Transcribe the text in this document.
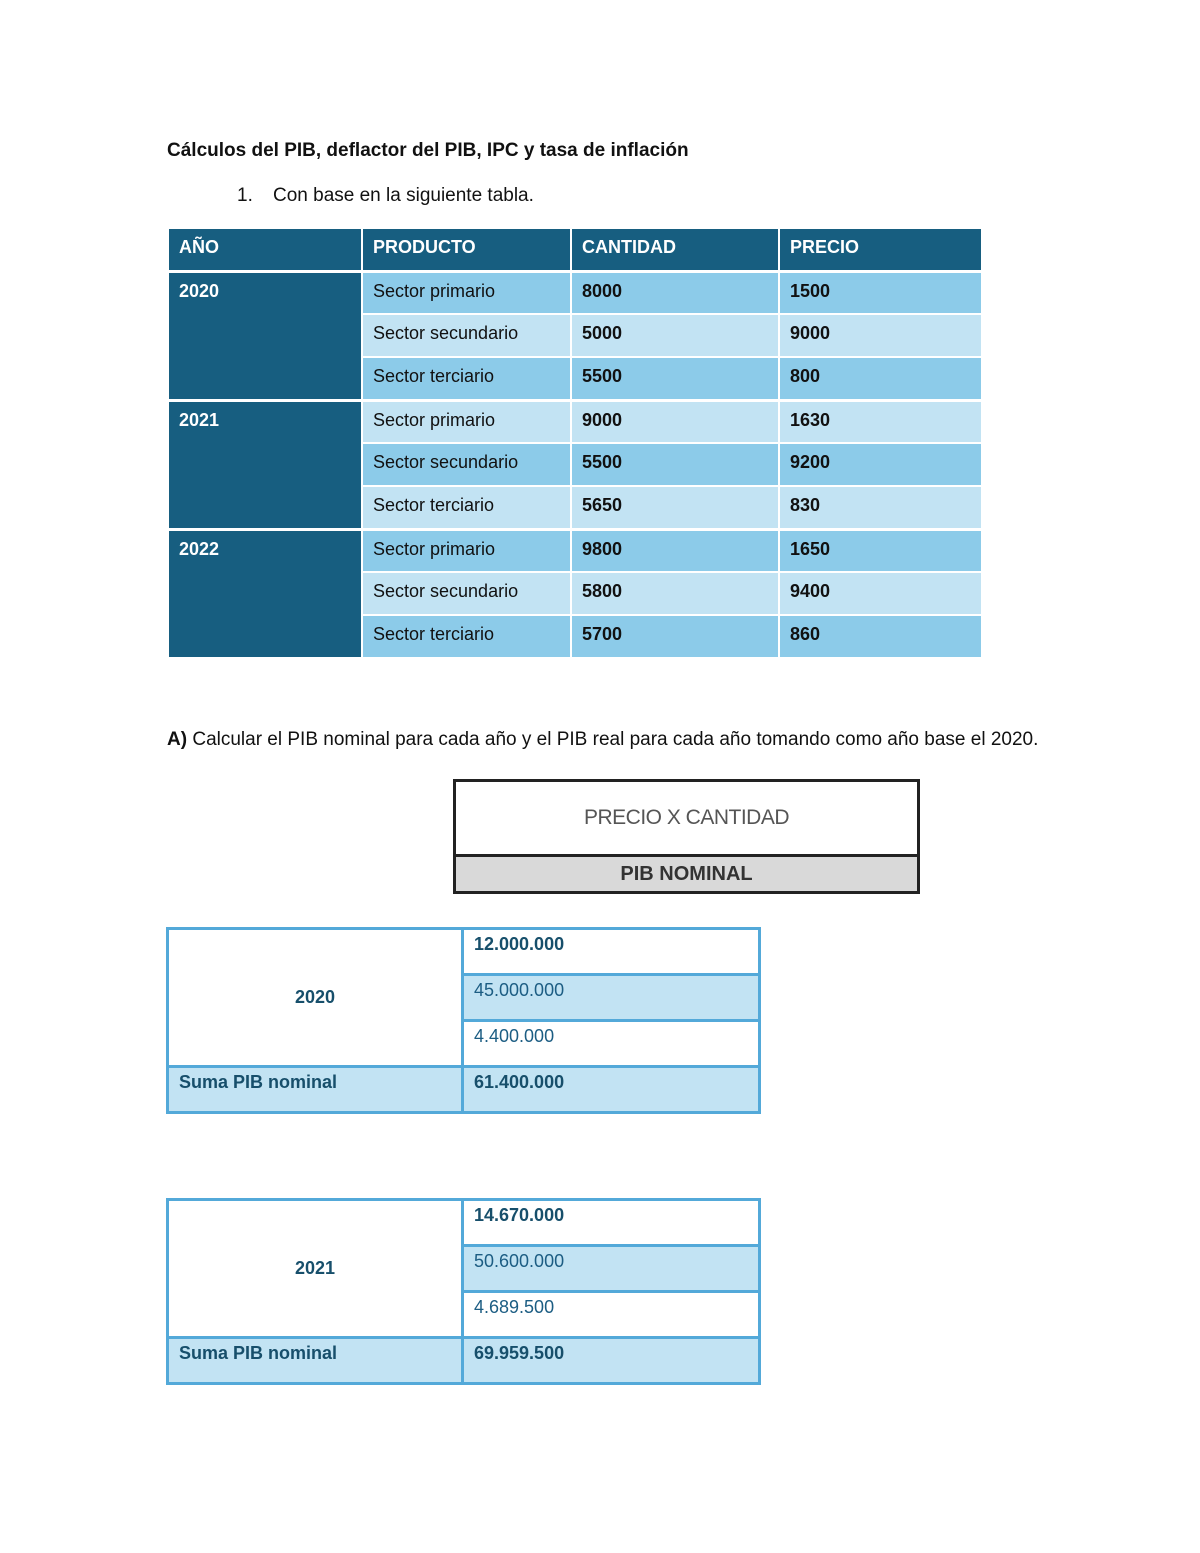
Cálculos del PIB, deflactor del PIB, IPC y tasa de inflación
1. Con base en la siguiente tabla.
AÑO	PRODUCTO	CANTIDAD	PRECIO
2020	Sector primario	8000	1500
	Sector secundario	5000	9000
	Sector terciario	5500	800
2021	Sector primario	9000	1630
	Sector secundario	5500	9200
	Sector terciario	5650	830
2022	Sector primario	9800	1650
	Sector secundario	5800	9400
	Sector terciario	5700	860
A) Calcular el PIB nominal para cada año y el PIB real para cada año tomando como año base el 2020.
PRECIO X CANTIDAD
PIB NOMINAL
2020	12.000.000
	45.000.000
	4.400.000
Suma PIB nominal	61.400.000
2021	14.670.000
	50.600.000
	4.689.500
Suma PIB nominal	69.959.500
